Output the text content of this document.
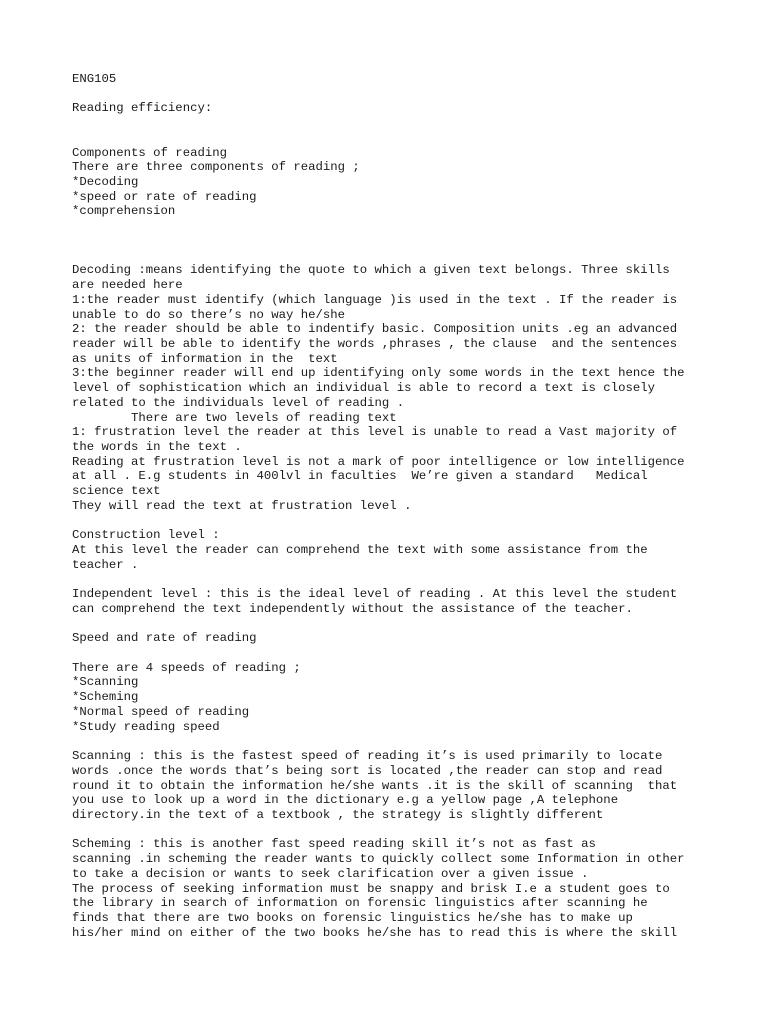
ENG105

Reading efficiency:

Components of reading
There are three components of reading ;
*Decoding
*speed or rate of reading
*comprehension

Decoding :means identifying the quote to which a given text belongs. Three skills
are needed here
1:the reader must identify (which language )is used in the text . If the reader is
unable to do so there’s no way he/she
2: the reader should be able to indentify basic. Composition units .eg an advanced
reader will be able to identify the words ,phrases , the clause  and the sentences
as units of information in the  text
3:the beginner reader will end up identifying only some words in the text hence the
level of sophistication which an individual is able to record a text is closely
related to the individuals level of reading .
There are two levels of reading text
1: frustration level the reader at this level is unable to read a Vast majority of
the words in the text .
Reading at frustration level is not a mark of poor intelligence or low intelligence
at all . E.g students in 400lvl in faculties  We’re given a standard   Medical
science text
They will read the text at frustration level .

Construction level :
At this level the reader can comprehend the text with some assistance from the
teacher .

Independent level : this is the ideal level of reading . At this level the student
can comprehend the text independently without the assistance of the teacher.

Speed and rate of reading

There are 4 speeds of reading ;
*Scanning
*Scheming
*Normal speed of reading
*Study reading speed

Scanning : this is the fastest speed of reading it’s is used primarily to locate
words .once the words that’s being sort is located ,the reader can stop and read
round it to obtain the information he/she wants .it is the skill of scanning  that
you use to look up a word in the dictionary e.g a yellow page ,A telephone
directory.in the text of a textbook , the strategy is slightly different

Scheming : this is another fast speed reading skill it’s not as fast as
scanning .in scheming the reader wants to quickly collect some Information in other
to take a decision or wants to seek clarification over a given issue .
The process of seeking information must be snappy and brisk I.e a student goes to
the library in search of information on forensic linguistics after scanning he
finds that there are two books on forensic linguistics he/she has to make up
his/her mind on either of the two books he/she has to read this is where the skill
